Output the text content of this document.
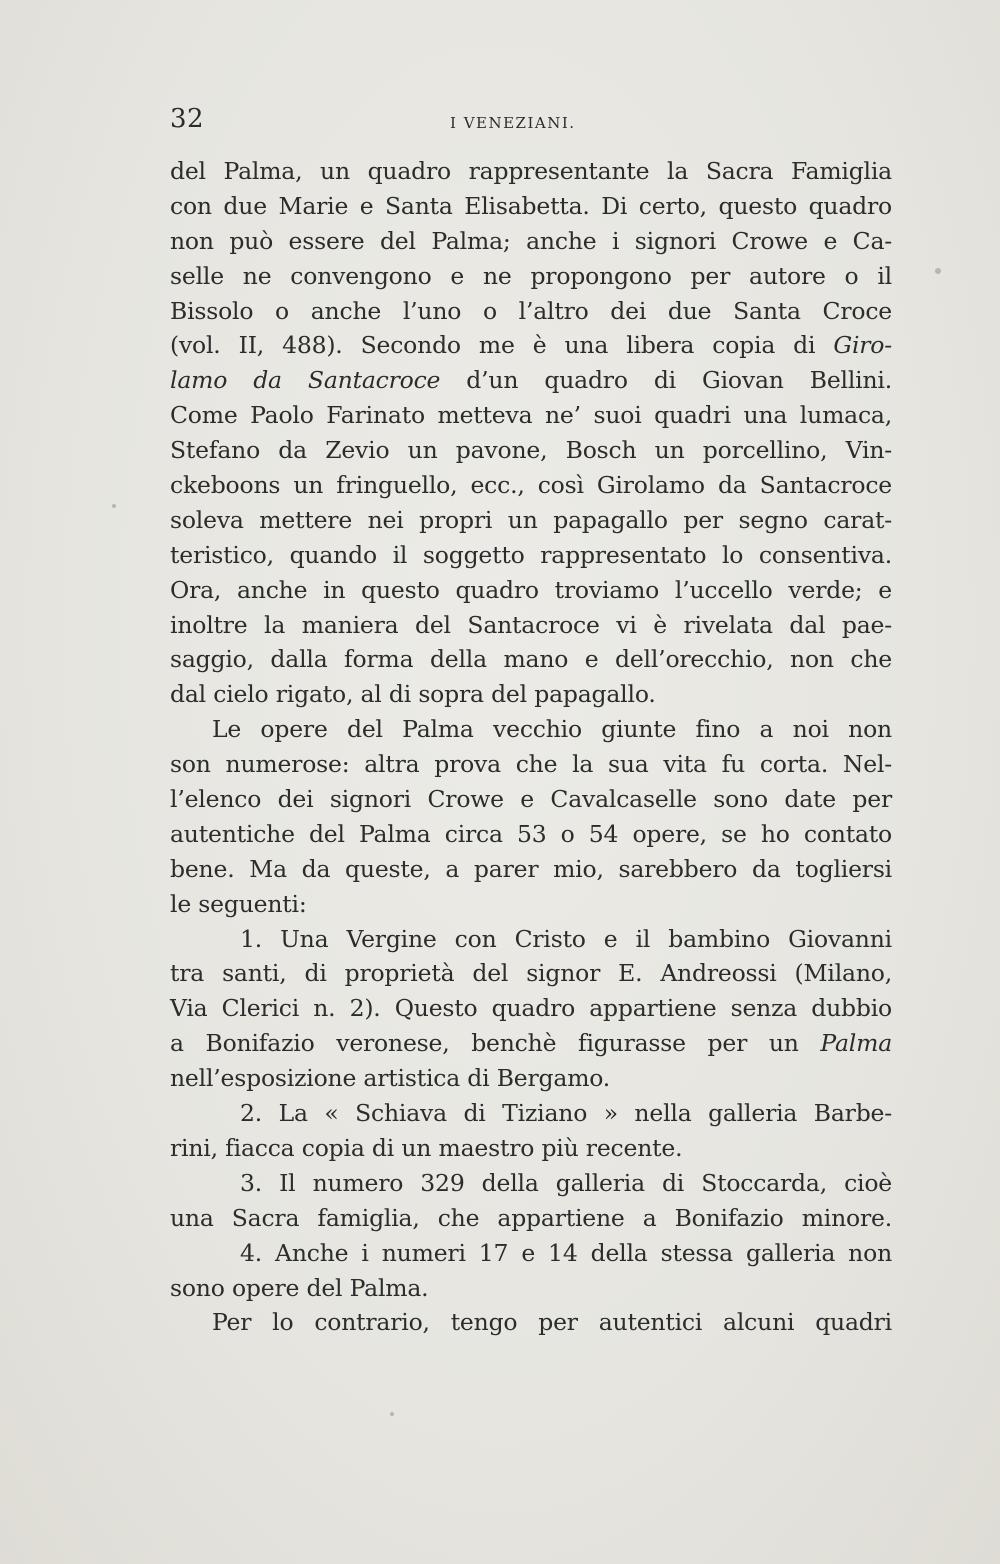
32	I VENEZIANI.
del Palma, un quadro rappresentante la Sacra Famiglia
con due Marie e Santa Elisabetta. Di certo, questo quadro
non può essere del Palma; anche i signori Crowe e Ca-
selle ne convengono e ne propongono per autore o il
Bissolo o anche l’uno o l’altro dei due Santa Croce
(vol. II, 488). Secondo me è una libera copia di Giro-
lamo da Santacroce d’un quadro di Giovan Bellini.
Come Paolo Farinato metteva ne’ suoi quadri una lumaca,
Stefano da Zevio un pavone, Bosch un porcellino, Vin-
ckeboons un fringuello, ecc., così Girolamo da Santacroce
soleva mettere nei propri un papagallo per segno carat-
teristico, quando il soggetto rappresentato lo consentiva.
Ora, anche in questo quadro troviamo l’uccello verde; e
inoltre la maniera del Santacroce vi è rivelata dal pae-
saggio, dalla forma della mano e dell’orecchio, non che
dal cielo rigato, al di sopra del papagallo.
Le opere del Palma vecchio giunte fino a noi non
son numerose: altra prova che la sua vita fu corta. Nel-
l’elenco dei signori Crowe e Cavalcaselle sono date per
autentiche del Palma circa 53 o 54 opere, se ho contato
bene. Ma da queste, a parer mio, sarebbero da togliersi
le seguenti:
1. Una Vergine con Cristo e il bambino Giovanni
tra santi, di proprietà del signor E. Andreossi (Milano,
Via Clerici n. 2). Questo quadro appartiene senza dubbio
a Bonifazio veronese, benchè figurasse per un Palma
nell’esposizione artistica di Bergamo.
2. La « Schiava di Tiziano » nella galleria Barbe-
rini, fiacca copia di un maestro più recente.
3. Il numero 329 della galleria di Stoccarda, cioè
una Sacra famiglia, che appartiene a Bonifazio minore.
4. Anche i numeri 17 e 14 della stessa galleria non
sono opere del Palma.
Per lo contrario, tengo per autentici alcuni quadri
